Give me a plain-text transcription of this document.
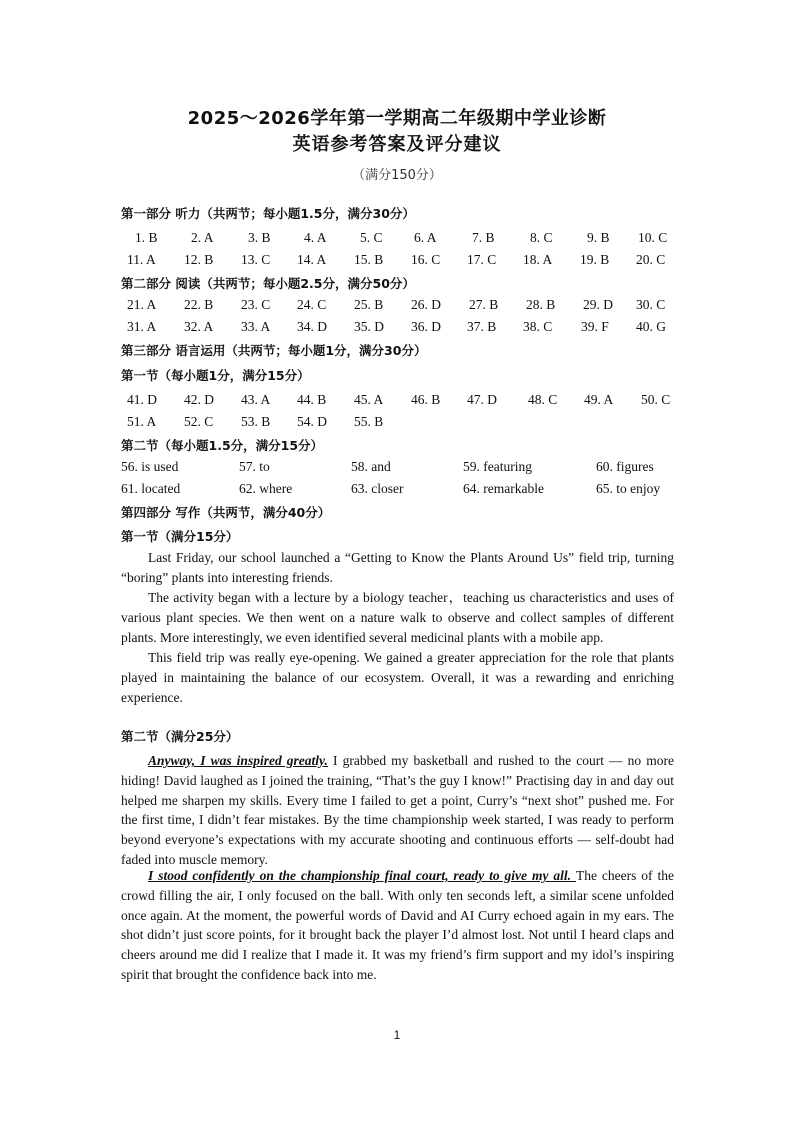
2025～2026学年第一学期高二年级期中学业诊断
英语参考答案及评分建议
（满分150分）
第一部分 听力（共两节；每小题1.5分，满分30分）
1. B 2. A	3. B 4. A 5. C 6. A	7. B	8. C	9. B 10. C
11. A 12. B 13. C 14. A 15. B 16. C 17. C 18. A 19. B 20. C
第二部分 阅读（共两节；每小题2.5分，满分50分）
21. A 22. B 23. C 24. C 25. B 26. D 27. B 28. B 29. D 30. C
31. A 32. A 33. A 34. D 35. D 36. D 37. B 38. C 39. F 40. G
第三部分 语言运用（共两节；每小题1分，满分30分）
第一节（每小题1分，满分15分）
41. D 42. D 43. A 44. B 45. A 46. B 47. D 48. C 49. A 50. C
51. A 52. C 53. B 54. D 55. B
第二节（每小题1.5分，满分15分）
56. is used	57. to	58. and	59. featuring	60. figures
61. located	62. where	63. closer	64. remarkable	65. to enjoy
第四部分 写作（共两节，满分40分）
第一节（满分15分）

Last Friday, our school launched a “Getting to Know the Plants Around Us” field trip, turning “boring” plants into interesting friends.

The activity began with a lecture by a biology teacher，teaching us characteristics and uses of various plant species. We then went on a nature walk to observe and collect samples of different plants. More interestingly, we even identified several medicinal plants with a mobile app.

This field trip was really eye-opening. We gained a greater appreciation for the role that plants played in maintaining the balance of our ecosystem. Overall, it was a rewarding and enriching experience.

第二节（满分25分）

Anyway, I was inspired greatly. I grabbed my basketball and rushed to the court — no more hiding! David laughed as I joined the training, “That’s the guy I know!” Practising day in and day out helped me sharpen my skills. Every time I failed to get a point, Curry’s “next shot” pushed me. For the first time, I didn’t fear mistakes. By the time championship week started, I was ready to perform beyond everyone’s expectations with my accurate shooting and continuous efforts — self-doubt had faded into muscle memory.

I stood confidently on the championship final court, ready to give my all. The cheers of the crowd filling the air, I only focused on the ball. With only ten seconds left, a similar scene unfolded once again. At the moment, the powerful words of David and AI Curry echoed again in my ears. The shot didn’t just score points, for it brought back the player I’d almost lost. Not until I heard claps and cheers around me did I realize that I made it. It was my friend’s firm support and my idol’s inspiring spirit that brought the confidence back into me.

1
